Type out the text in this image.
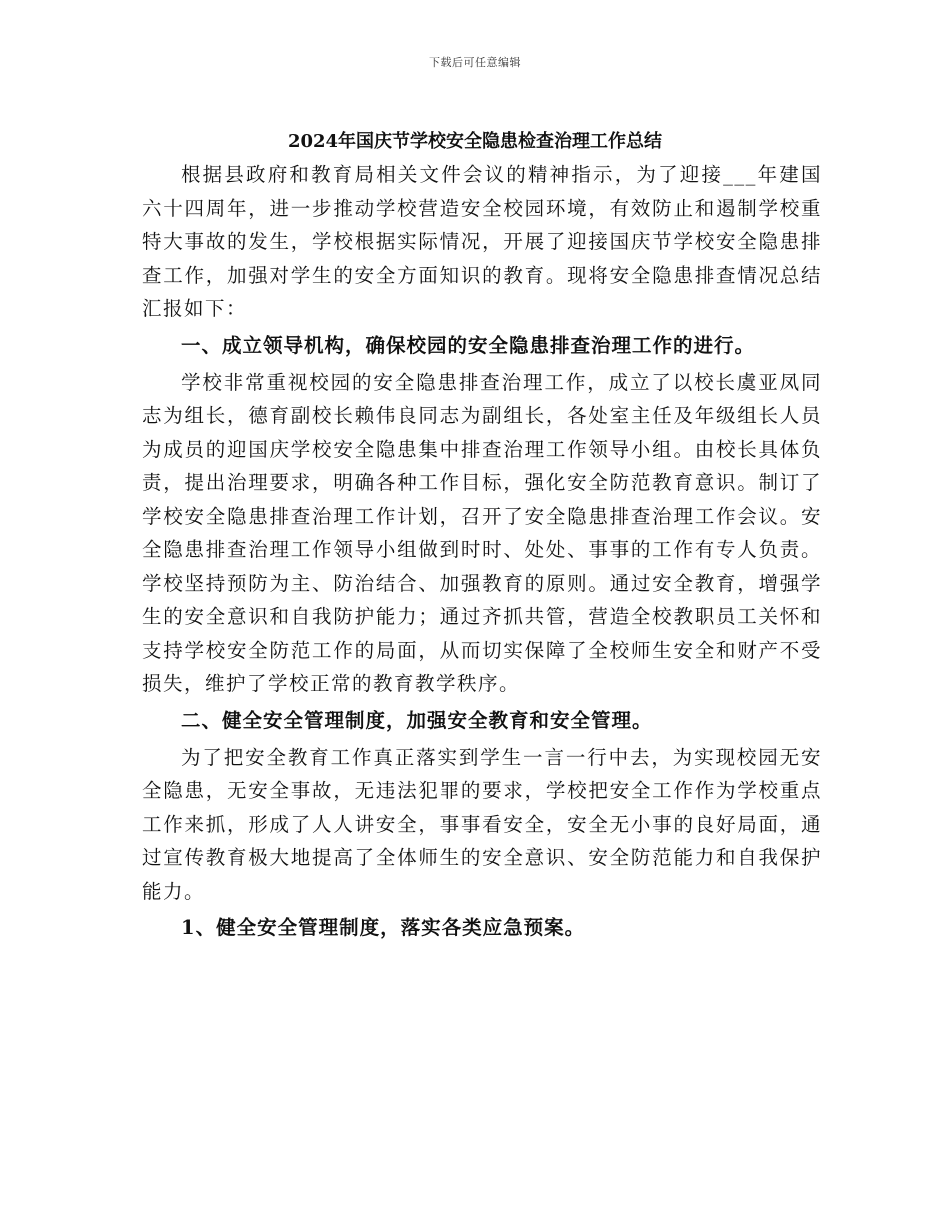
下载后可任意编辑
2024年国庆节学校安全隐患检查治理工作总结

根据县政府和教育局相关文件会议的精神指示，为了迎接___年建国六十四周年，进一步推动学校营造安全校园环境，有效防止和遏制学校重特大事故的发生，学校根据实际情况，开展了迎接国庆节学校安全隐患排查工作，加强对学生的安全方面知识的教育。现将安全隐患排查情况总结汇报如下：

一、成立领导机构，确保校园的安全隐患排查治理工作的进行。

学校非常重视校园的安全隐患排查治理工作，成立了以校长虞亚凤同志为组长，德育副校长赖伟良同志为副组长，各处室主任及年级组长人员为成员的迎国庆学校安全隐患集中排查治理工作领导小组。由校长具体负责，提出治理要求，明确各种工作目标，强化安全防范教育意识。制订了学校安全隐患排查治理工作计划，召开了安全隐患排查治理工作会议。安全隐患排查治理工作领导小组做到时时、处处、事事的工作有专人负责。学校坚持预防为主、防治结合、加强教育的原则。通过安全教育，增强学生的安全意识和自我防护能力；通过齐抓共管，营造全校教职员工关怀和支持学校安全防范工作的局面，从而切实保障了全校师生安全和财产不受损失，维护了学校正常的教育教学秩序。

二、健全安全管理制度，加强安全教育和安全管理。

为了把安全教育工作真正落实到学生一言一行中去，为实现校园无安全隐患，无安全事故，无违法犯罪的要求，学校把安全工作作为学校重点工作来抓，形成了人人讲安全，事事看安全，安全无小事的良好局面，通过宣传教育极大地提高了全体师生的安全意识、安全防范能力和自我保护能力。

1、健全安全管理制度，落实各类应急预案。
